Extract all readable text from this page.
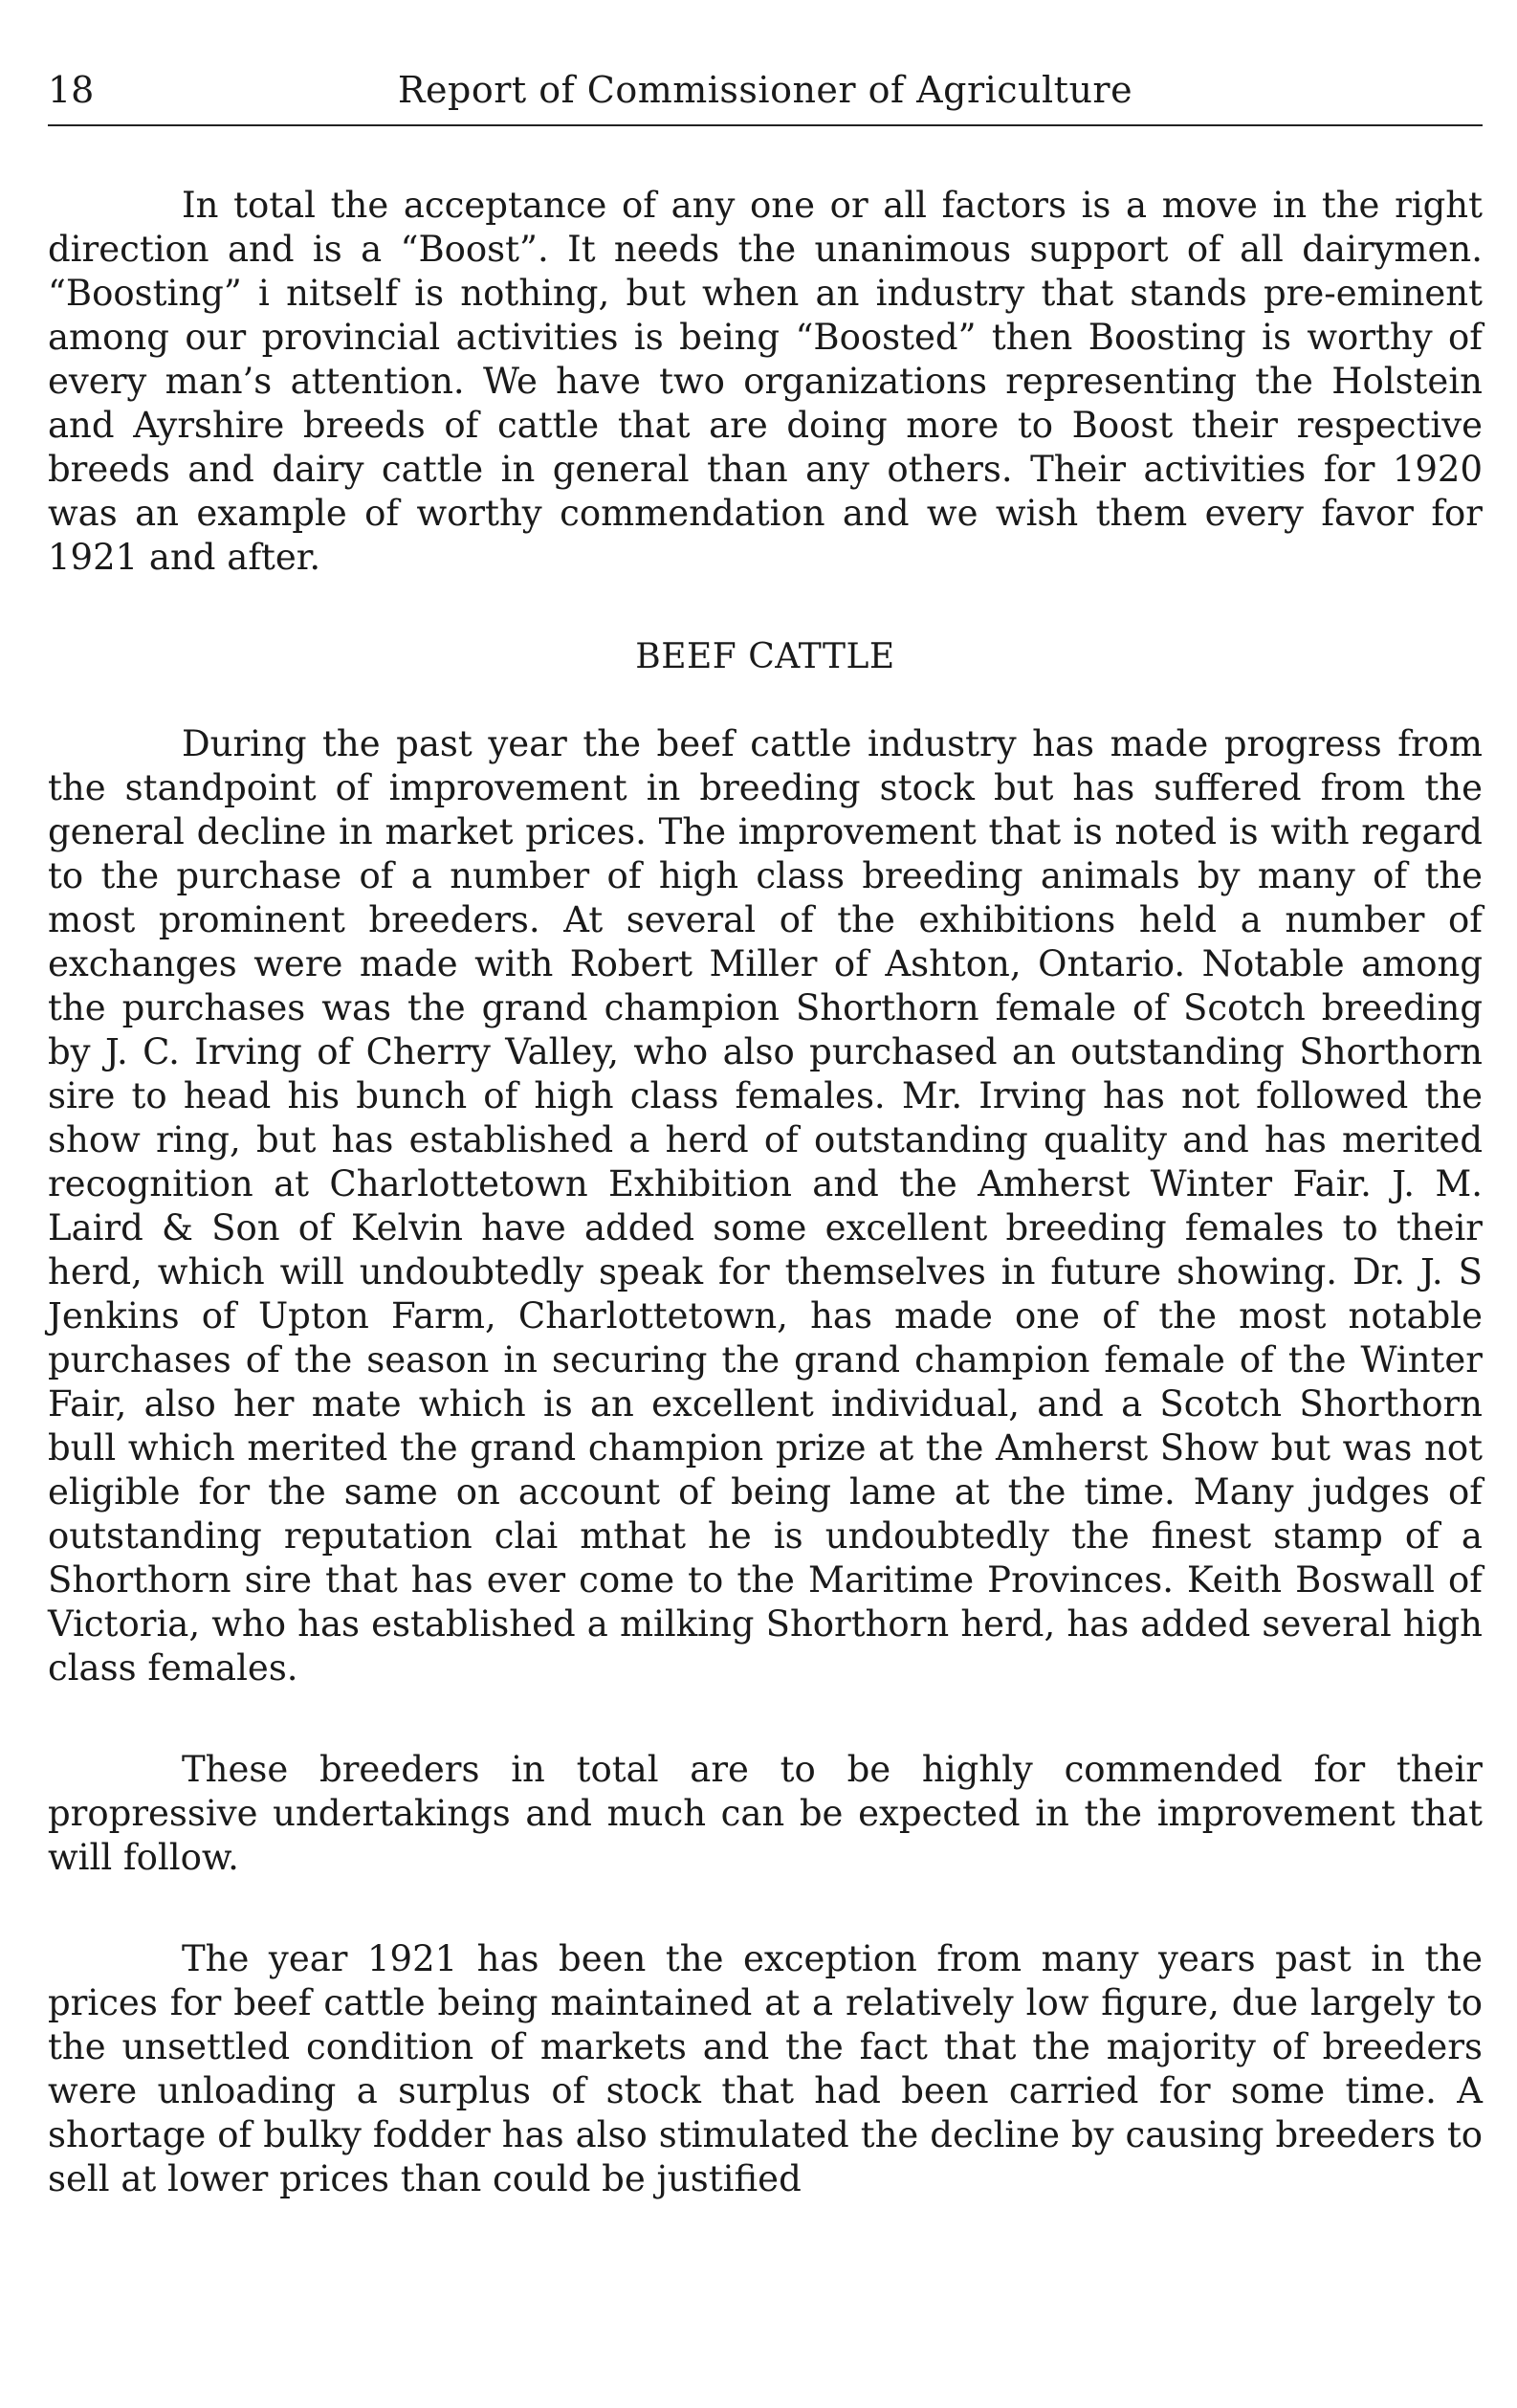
18	Report of Commissioner of Agriculture

In total the acceptance of any one or all factors is a move in the right direction and is a “Boost”. It needs the unanimous support of all dairymen. “Boosting” i nitself is nothing, but when an industry that stands pre-eminent among our provincial activities is being “Boosted” then Boosting is worthy of every man’s attention. We have two organizations representing the Holstein and Ayrshire breeds of cattle that are doing more to Boost their respective breeds and dairy cattle in general than any others. Their activities for 1920 was an example of worthy commendation and we wish them every favor for 1921 and after.

BEEF CATTLE

During the past year the beef cattle industry has made progress from the standpoint of improvement in breeding stock but has suffered from the general decline in market prices. The improvement that is noted is with regard to the purchase of a number of high class breeding animals by many of the most prominent breeders. At several of the exhibitions held a number of exchanges were made with Robert Miller of Ashton, Ontario. Notable among the purchases was the grand champion Shorthorn female of Scotch breeding by J. C. Irving of Cherry Valley, who also purchased an outstanding Shorthorn sire to head his bunch of high class females. Mr. Irving has not followed the show ring, but has established a herd of outstanding quality and has merited recognition at Charlottetown Exhibition and the Amherst Winter Fair. J. M. Laird & Son of Kelvin have added some excellent breeding females to their herd, which will undoubtedly speak for themselves in future showing. Dr. J. S Jenkins of Upton Farm, Charlottetown, has made one of the most notable purchases of the season in securing the grand champion female of the Winter Fair, also her mate which is an excellent individual, and a Scotch Shorthorn bull which merited the grand champion prize at the Amherst Show but was not eligible for the same on account of being lame at the time. Many judges of outstanding reputation clai mthat he is undoubtedly the finest stamp of a Shorthorn sire that has ever come to the Maritime Provinces. Keith Boswall of Victoria, who has established a milking Shorthorn herd, has added several high class females.

These breeders in total are to be highly commended for their propressive undertakings and much can be expected in the improvement that will follow.

The year 1921 has been the exception from many years past in the prices for beef cattle being maintained at a relatively low figure, due largely to the unsettled condition of markets and the fact that the majority of breeders were unloading a surplus of stock that had been carried for some time. A shortage of bulky fodder has also stimulated the decline by causing breeders to sell at lower prices than could be justified
